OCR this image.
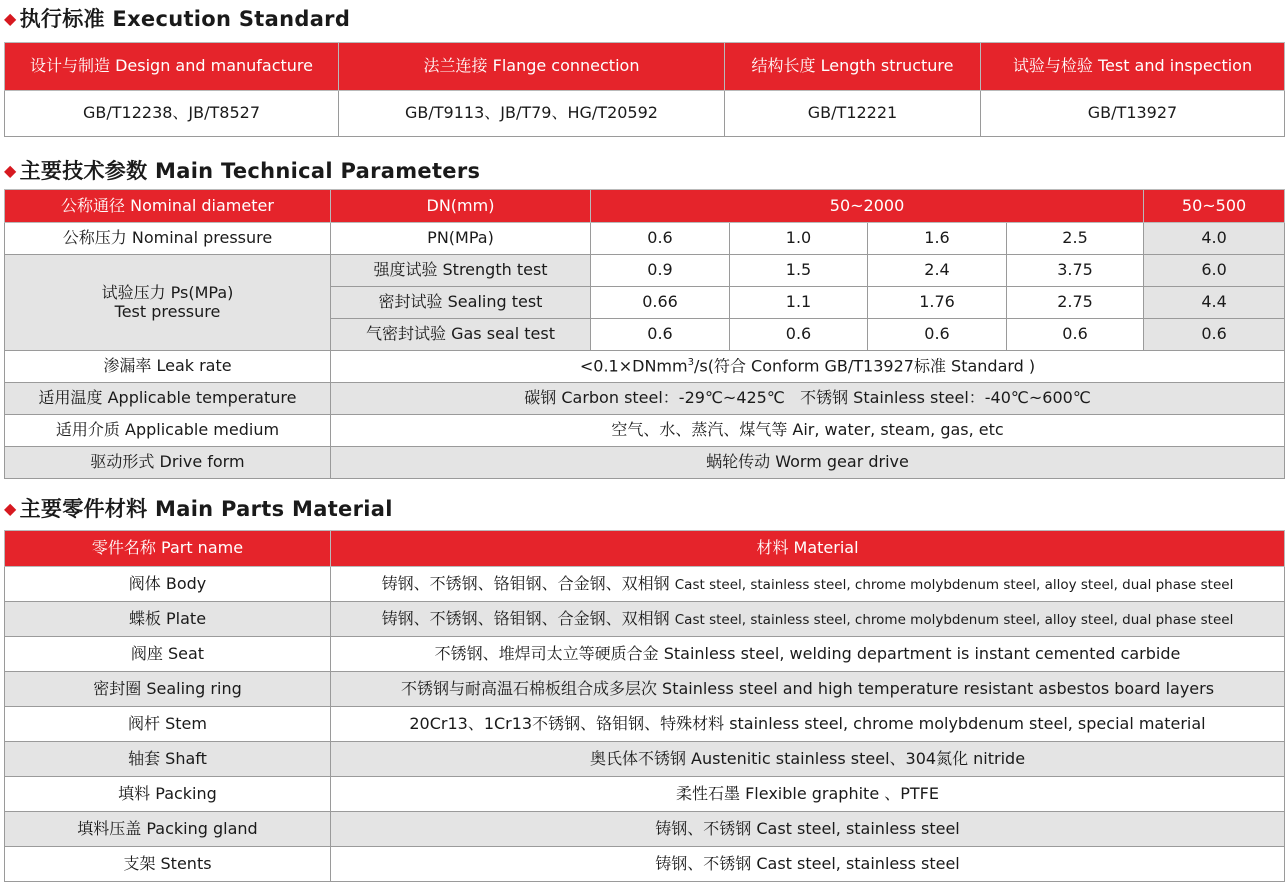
◆ 执行标准 Execution Standard
设计与制造 Design and manufacture	法兰连接 Flange connection	结构长度 Length structure	试验与检验 Test and inspection
GB/T12238、JB/T8527	GB/T9113、JB/T79、HG/T20592	GB/T12221	GB/T13927
◆ 主要技术参数 Main Technical Parameters
公称通径 Nominal diameter	DN(mm)	50~2000				50~500
公称压力 Nominal pressure	PN(MPa)	0.6	1.0	1.6	2.5	4.0

试验压力 Ps(MPa)
Test pressure	强度试验 Strength test	0.9	1.5	2.4	3.75	6.0
	密封试验 Sealing test	0.66	1.1	1.76	2.75	4.4
	气密封试验 Gas seal test	0.6	0.6	0.6	0.6	0.6
渗漏率 Leak rate	<0.1×DNmm$^3$/s(符合 Conform GB/T13927标准 Standard )					
适用温度 Applicable temperature	碳钢 Carbon steel：-29℃~425℃   不锈钢 Stainless steel：-40℃~600℃					
适用介质 Applicable medium	空气、水、蒸汽、煤气等 Air, water, steam, gas, etc					
驱动形式 Drive form	蜗轮传动 Worm gear drive					
◆ 主要零件材料 Main Parts Material
零件名称 Part name	材料 Material
阀体 Body	铸钢、不锈钢、铬钼钢、合金钢、双相钢 Cast steel, stainless steel, chrome molybdenum steel, alloy steel, dual phase steel
蝶板 Plate	铸钢、不锈钢、铬钼钢、合金钢、双相钢 Cast steel, stainless steel, chrome molybdenum steel, alloy steel, dual phase steel
阀座 Seat	不锈钢、堆焊司太立等硬质合金 Stainless steel, welding department is instant cemented carbide
密封圈 Sealing ring	不锈钢与耐高温石棉板组合成多层次 Stainless steel and high temperature resistant asbestos board layers
阀杆 Stem	20Cr13、1Cr13不锈钢、铬钼钢、特殊材料 stainless steel, chrome molybdenum steel, special material
轴套 Shaft	奥氏体不锈钢 Austenitic stainless steel、304氮化 nitride
填料 Packing	柔性石墨 Flexible graphite 、PTFE
填料压盖 Packing gland	铸钢、不锈钢 Cast steel, stainless steel
支架 Stents	铸钢、不锈钢 Cast steel, stainless steel
